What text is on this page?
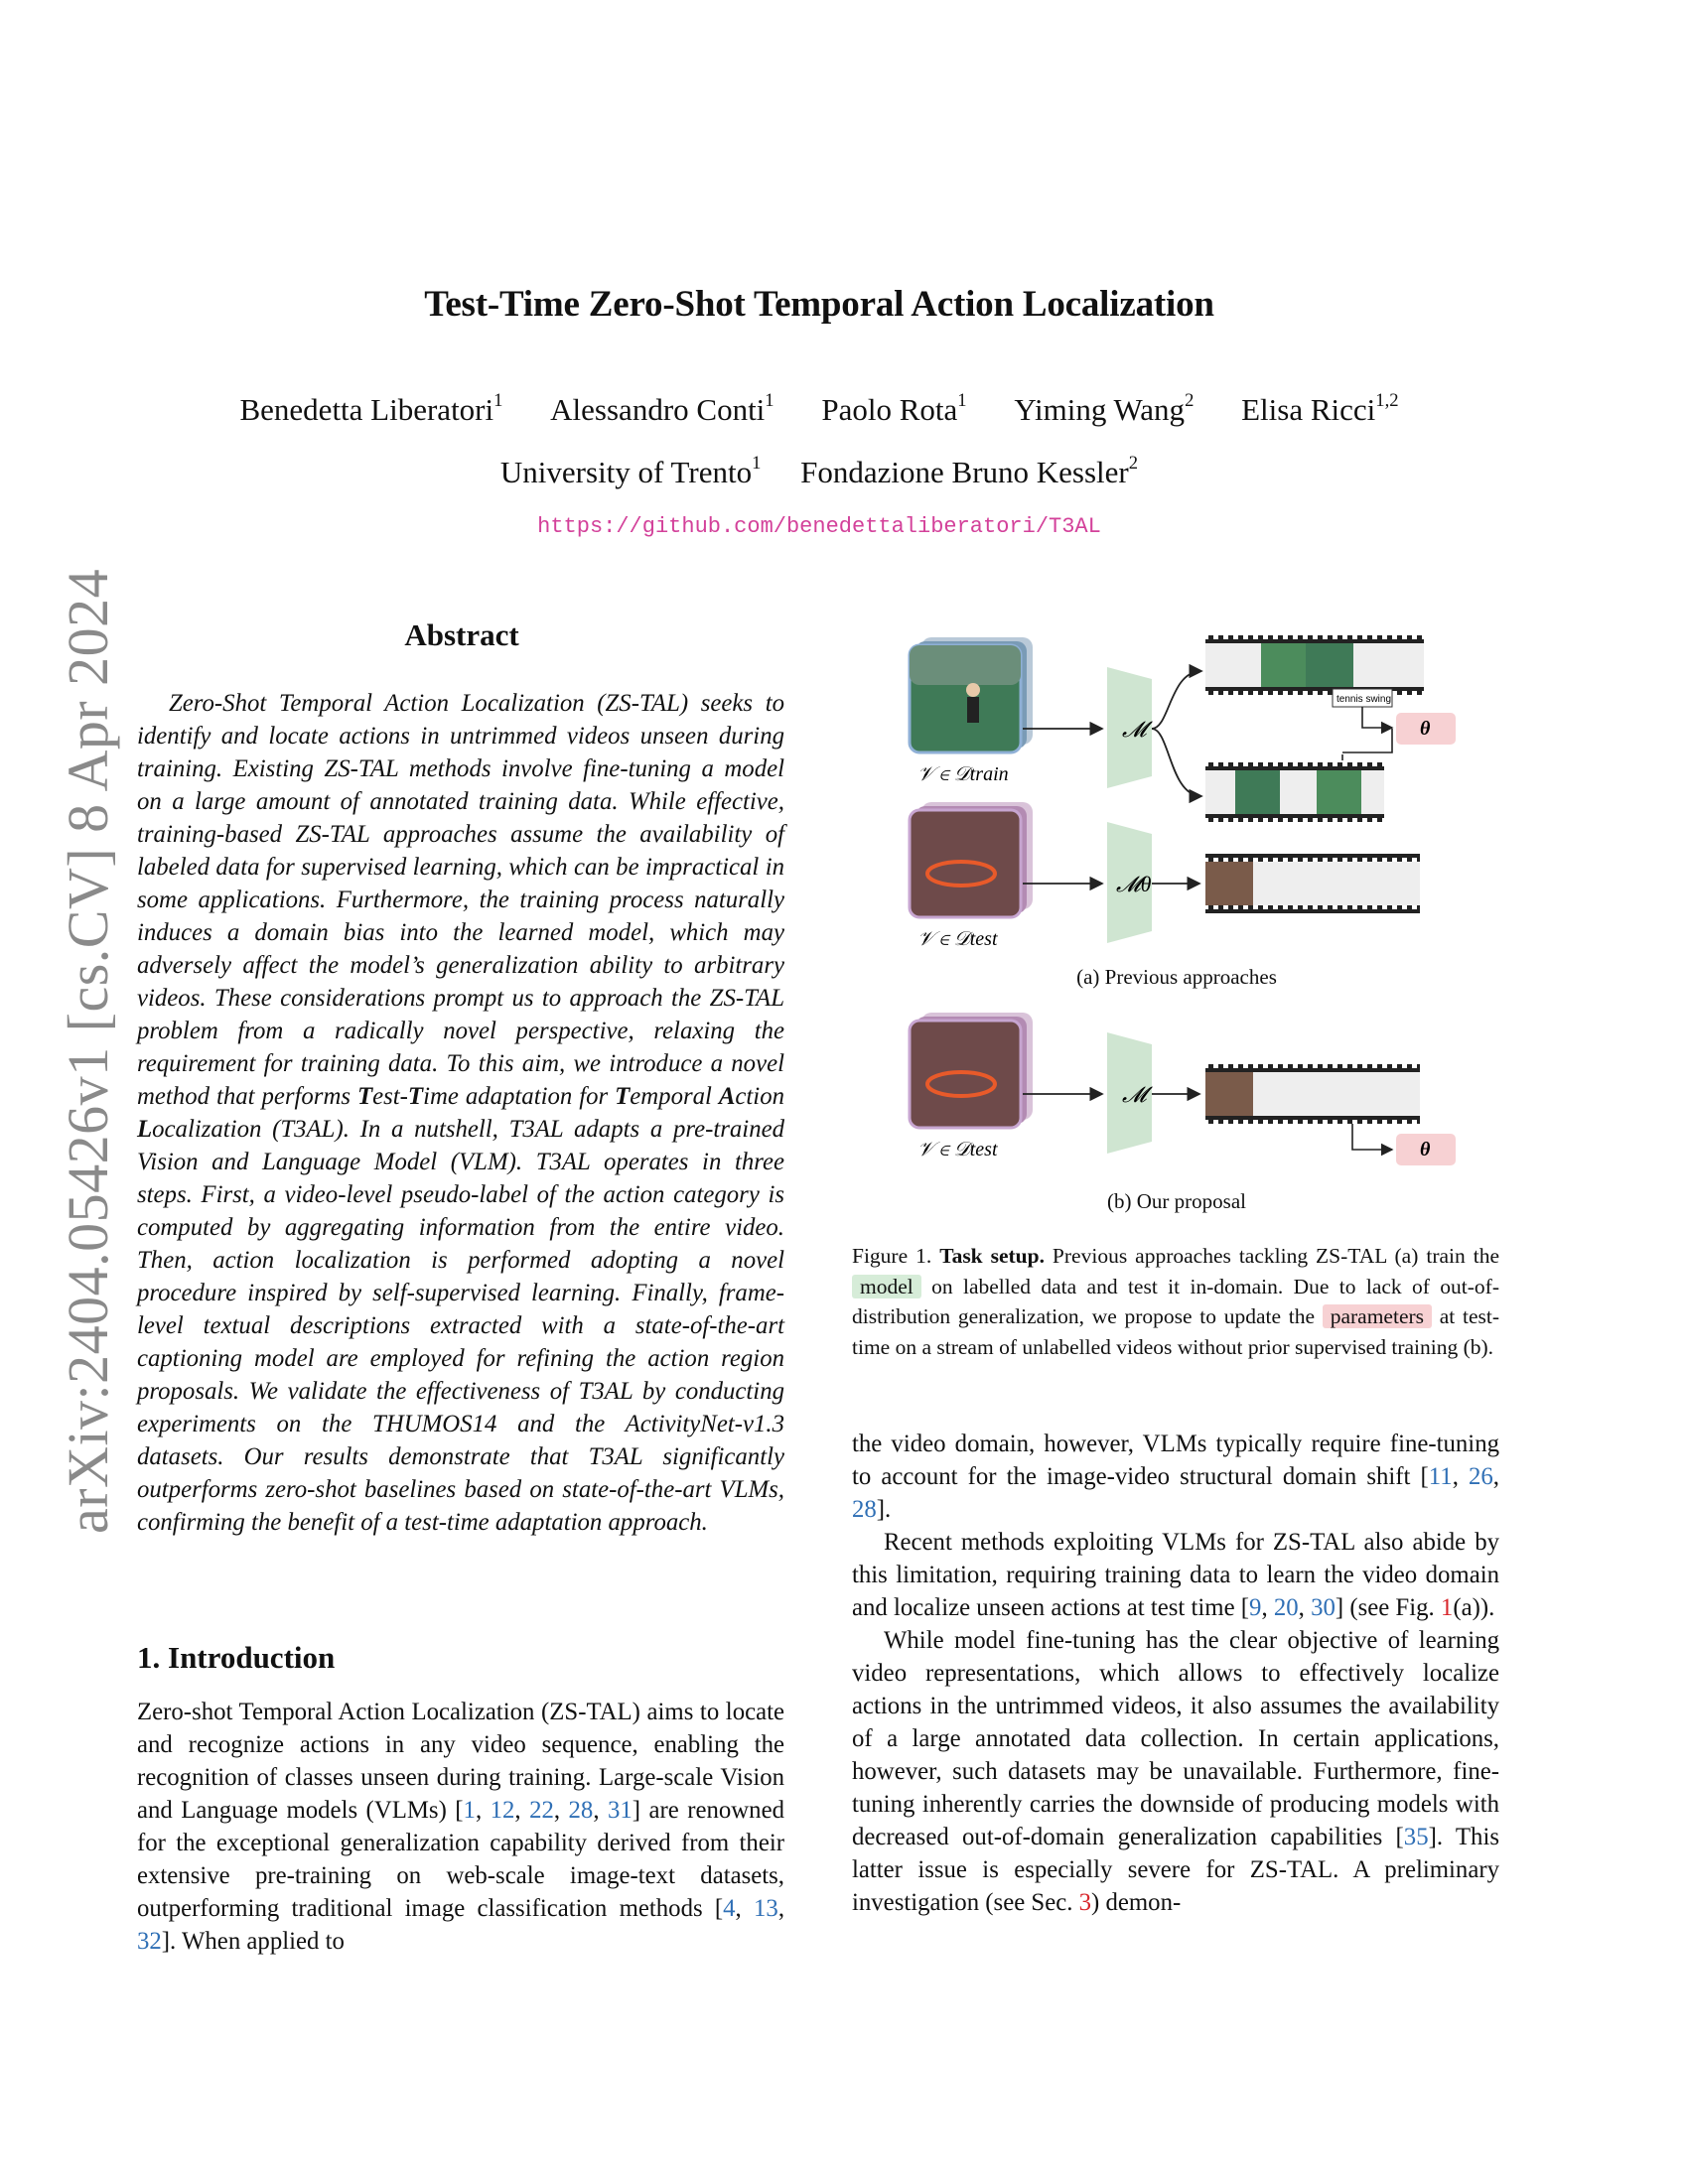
Test-Time Zero-Shot Temporal Action Localization
Benedetta Liberatori$^1$ Alessandro Conti$^1$ Paolo Rota$^1$ Yiming Wang$^2$ Elisa Ricci$^{1,2}$
University of Trento$^1$ Fondazione Bruno Kessler$^2$
https://github.com/benedettaliberatori/T3AL
arXiv:2404.05426v1 [cs.CV] 8 Apr 2024	Abstract
Zero-Shot Temporal Action Localization (ZS-TAL) seeks to identify and locate actions in untrimmed videos unseen during training. Existing ZS-TAL methods involve fine-tuning a model on a large amount of annotated training data. While effective, training-based ZS-TAL approaches assume the availability of labeled data for supervised learning, which can be impractical in some applications. Furthermore, the training process naturally induces a domain bias into the learned model, which may adversely affect the model’s generalization ability to arbitrary videos. These considerations prompt us to approach the ZS-TAL problem from a radically novel perspective, relaxing the requirement for training data. To this aim, we introduce a novel method that performs Test-Time adaptation for Temporal Action Localization (T3AL). In a nutshell, T3AL adapts a pre-trained Vision and Language Model (VLM). T3AL operates in three steps. First, a video-level pseudo-label of the action category is computed by aggregating information from the entire video. Then, action localization is performed adopting a novel procedure inspired by self-supervised learning. Finally, frame-level textual descriptions extracted with a state-of-the-art captioning model are employed for refining the action region proposals. We validate the effectiveness of T3AL by conducting experiments on the THUMOS14 and the ActivityNet-v1.3 datasets. Our results demonstrate that T3AL significantly outperforms zero-shot baselines based on state-of-the-art VLMs, confirming the benefit of a test-time adaptation approach.
1. Introduction
Zero-shot Temporal Action Localization (ZS-TAL) aims to locate and recognize actions in any video sequence, enabling the recognition of classes unseen during training. Large-scale Vision and Language models (VLMs) [1, 12, 22, 28, 31] are renowned for the exceptional generalization capability derived from their extensive pre-training on web-scale image-text datasets, outperforming traditional image classification methods [4, 13, 32]. When applied to
𝒱 ∈ 𝒟train
𝓜
tennis swing
θ
𝒱 ∈ 𝒟test
𝓜θ
𝒱 ∈ 𝒟test
𝓜
θ
(a) Previous approaches
(b) Our proposal
Figure 1. Task setup. Previous approaches tackling ZS-TAL (a) train the model on labelled data and test it in-domain. Due to lack of out-of-distribution generalization, we propose to update the parameters at test-time on a stream of unlabelled videos without prior supervised training (b).

the video domain, however, VLMs typically require fine-tuning to account for the image-video structural domain shift [11, 26, 28].

Recent methods exploiting VLMs for ZS-TAL also abide by this limitation, requiring training data to learn the video domain and localize unseen actions at test time [9, 20, 30] (see Fig. 1(a)).

While model fine-tuning has the clear objective of learning video representations, which allows to effectively localize actions in the untrimmed videos, it also assumes the availability of a large annotated data collection. In certain applications, however, such datasets may be unavailable. Furthermore, fine-tuning inherently carries the downside of producing models with decreased out-of-domain generalization capabilities [35]. This latter issue is especially severe for ZS-TAL. A preliminary investigation (see Sec. 3) demon-
